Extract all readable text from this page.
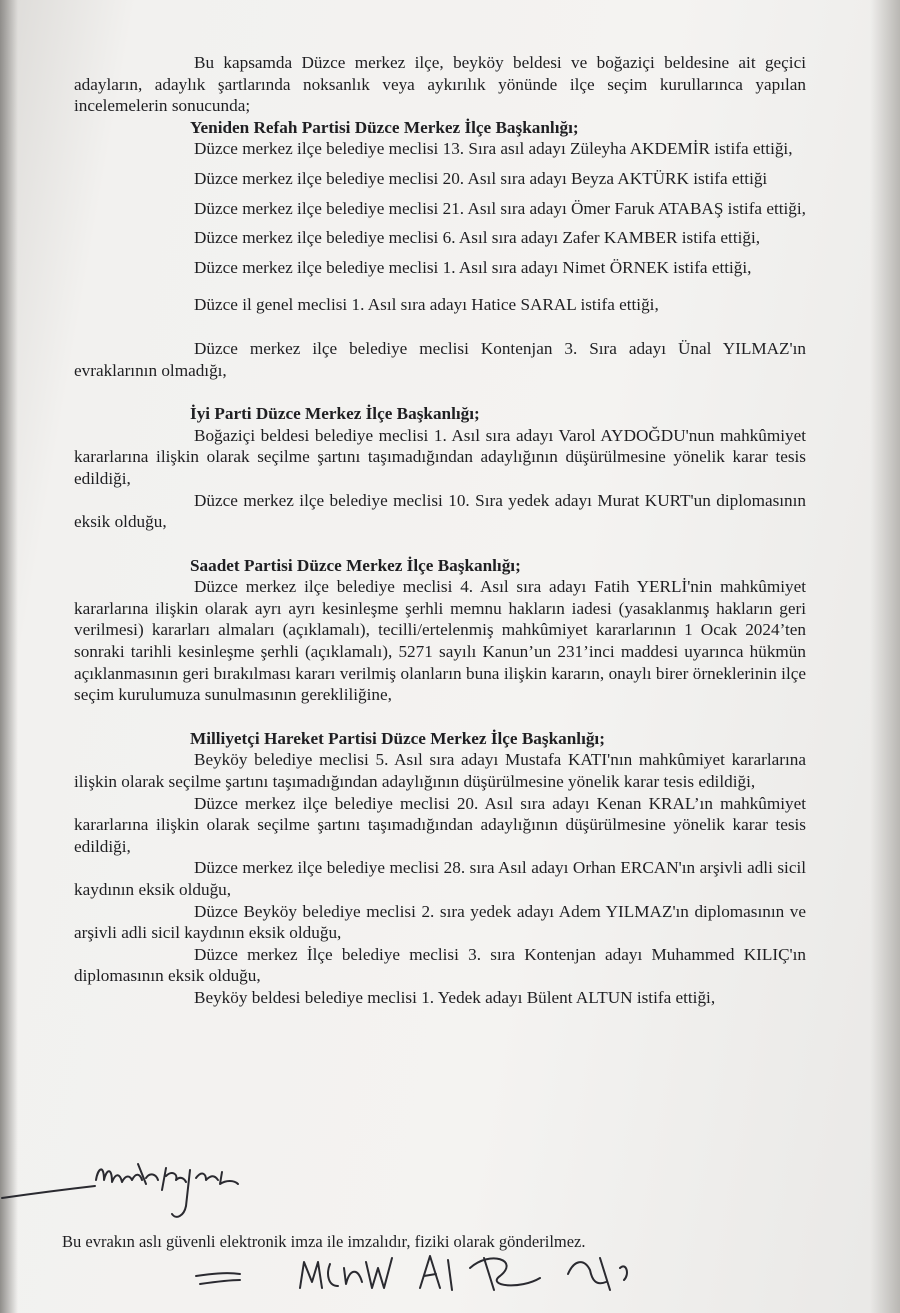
Bu kapsamda Düzce merkez ilçe, beyköy beldesi ve boğaziçi beldesine ait geçici adayların, adaylık şartlarında noksanlık veya aykırılık yönünde ilçe seçim kurullarınca yapılan incelemelerin sonucunda;

Yeniden Refah Partisi Düzce Merkez İlçe Başkanlığı;

Düzce merkez ilçe belediye meclisi 13. Sıra asıl adayı Züleyha AKDEMİR istifa ettiği,

Düzce merkez ilçe belediye meclisi 20. Asıl sıra adayı Beyza AKTÜRK istifa ettiği

Düzce merkez ilçe belediye meclisi 21. Asıl sıra adayı Ömer Faruk ATABAŞ istifa ettiği,

Düzce merkez ilçe belediye meclisi 6. Asıl sıra adayı Zafer KAMBER istifa ettiği,

Düzce merkez ilçe belediye meclisi 1. Asıl sıra adayı Nimet ÖRNEK istifa ettiği,

Düzce il genel meclisi 1. Asıl sıra adayı Hatice SARAL istifa ettiği,

Düzce merkez ilçe belediye meclisi Kontenjan 3. Sıra adayı Ünal YILMAZ'ın evraklarının olmadığı,

İyi Parti Düzce Merkez İlçe Başkanlığı;

Boğaziçi beldesi belediye meclisi 1. Asıl sıra adayı Varol AYDOĞDU'nun mahkûmiyet kararlarına ilişkin olarak seçilme şartını taşımadığından adaylığının düşürülmesine yönelik karar tesis edildiği,

Düzce merkez ilçe belediye meclisi 10. Sıra yedek adayı Murat KURT'un diplomasının eksik olduğu,

Saadet Partisi Düzce Merkez İlçe Başkanlığı;

Düzce merkez ilçe belediye meclisi 4. Asıl sıra adayı Fatih YERLİ'nin mahkûmiyet kararlarına ilişkin olarak ayrı ayrı kesinleşme şerhli memnu hakların iadesi (yasaklanmış hakların geri verilmesi) kararları almaları (açıklamalı), tecilli/ertelenmiş mahkûmiyet kararlarının 1 Ocak 2024’ten sonraki tarihli kesinleşme şerhli (açıklamalı), 5271 sayılı Kanun’un 231’inci maddesi uyarınca hükmün açıklanmasının geri bırakılması kararı verilmiş olanların buna ilişkin kararın, onaylı birer örneklerinin ilçe seçim kurulumuza sunulmasının gerekliliğine,

Milliyetçi Hareket Partisi Düzce Merkez İlçe Başkanlığı;

Beyköy belediye meclisi 5. Asıl sıra adayı Mustafa KATI'nın mahkûmiyet kararlarına ilişkin olarak seçilme şartını taşımadığından adaylığının düşürülmesine yönelik karar tesis edildiği,

Düzce merkez ilçe belediye meclisi 20. Asıl sıra adayı Kenan KRAL’ın mahkûmiyet kararlarına ilişkin olarak seçilme şartını taşımadığından adaylığının düşürülmesine yönelik karar tesis edildiği,

Düzce merkez ilçe belediye meclisi 28. sıra Asıl adayı Orhan ERCAN'ın arşivli adli sicil kaydının eksik olduğu,

Düzce Beyköy belediye meclisi 2. sıra yedek adayı Adem YILMAZ'ın diplomasının ve arşivli adli sicil kaydının eksik olduğu,

Düzce merkez İlçe belediye meclisi 3. sıra Kontenjan adayı Muhammed KILIÇ'ın diplomasının eksik olduğu,

Beyköy beldesi belediye meclisi 1. Yedek adayı Bülent ALTUN istifa ettiği,

Bu evrakın aslı güvenli elektronik imza ile imzalıdır, fiziki olarak gönderilmez.
